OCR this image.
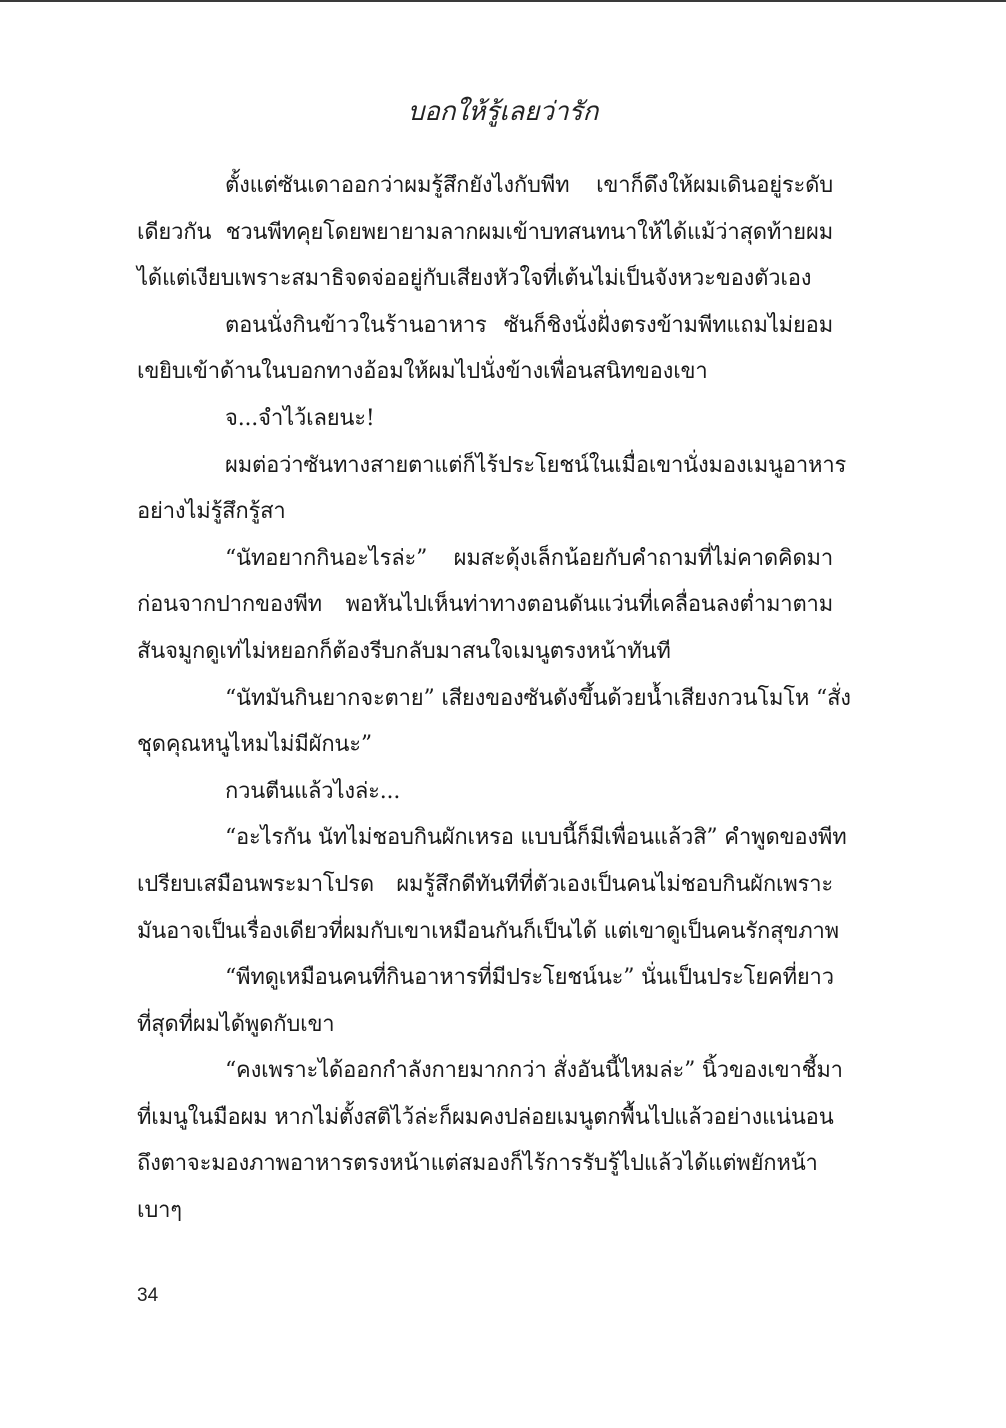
บอกให้รู้เลยว่ารัก
ตั้งแต่ซันเดาออกว่าผมรู้สึกยังไงกับพีท เขาก็ดึงให้ผมเดินอยู่ระดับ
เดียวกัน ชวนพีทคุยโดยพยายามลากผมเข้าบทสนทนาให้ได้แม้ว่าสุดท้ายผม
ได้แต่เงียบเพราะสมาธิจดจ่ออยู่กับเสียงหัวใจที่เต้นไม่เป็นจังหวะของตัวเอง
ตอนนั่งกินข้าวในร้านอาหาร ซันก็ชิงนั่งฝั่งตรงข้ามพีทแถมไม่ยอม
เขยิบเข้าด้านในบอกทางอ้อมให้ผมไปนั่งข้างเพื่อนสนิทของเขา
จ...จำไว้เลยนะ!
ผมต่อว่าซันทางสายตาแต่ก็ไร้ประโยชน์ในเมื่อเขานั่งมองเมนูอาหาร
อย่างไม่รู้สึกรู้สา
“นัทอยากกินอะไรล่ะ” ผมสะดุ้งเล็กน้อยกับคำถามที่ไม่คาดคิดมา
ก่อนจากปากของพีท พอหันไปเห็นท่าทางตอนดันแว่นที่เคลื่อนลงต่ำมาตาม
สันจมูกดูเท่ไม่หยอกก็ต้องรีบกลับมาสนใจเมนูตรงหน้าทันที
“นัทมันกินยากจะตาย” เสียงของซันดังขึ้นด้วยน้ำเสียงกวนโมโห “สั่ง
ชุดคุณหนูไหมไม่มีผักนะ”
กวนตีนแล้วไงล่ะ...
“อะไรกัน นัทไม่ชอบกินผักเหรอ แบบนี้ก็มีเพื่อนแล้วสิ” คำพูดของพีท
เปรียบเสมือนพระมาโปรด ผมรู้สึกดีทันทีที่ตัวเองเป็นคนไม่ชอบกินผักเพราะ
มันอาจเป็นเรื่องเดียวที่ผมกับเขาเหมือนกันก็เป็นได้ แต่เขาดูเป็นคนรักสุขภาพ
“พีทดูเหมือนคนที่กินอาหารที่มีประโยชน์นะ” นั่นเป็นประโยคที่ยาว
ที่สุดที่ผมได้พูดกับเขา
“คงเพราะได้ออกกำลังกายมากกว่า สั่งอันนี้ไหมล่ะ” นิ้วของเขาชี้มา
ที่เมนูในมือผม หากไม่ตั้งสติไว้ล่ะก็ผมคงปล่อยเมนูตกพื้นไปแล้วอย่างแน่นอน
ถึงตาจะมองภาพอาหารตรงหน้าแต่สมองก็ไร้การรับรู้ไปแล้วได้แต่พยักหน้า
เบาๆ
34
